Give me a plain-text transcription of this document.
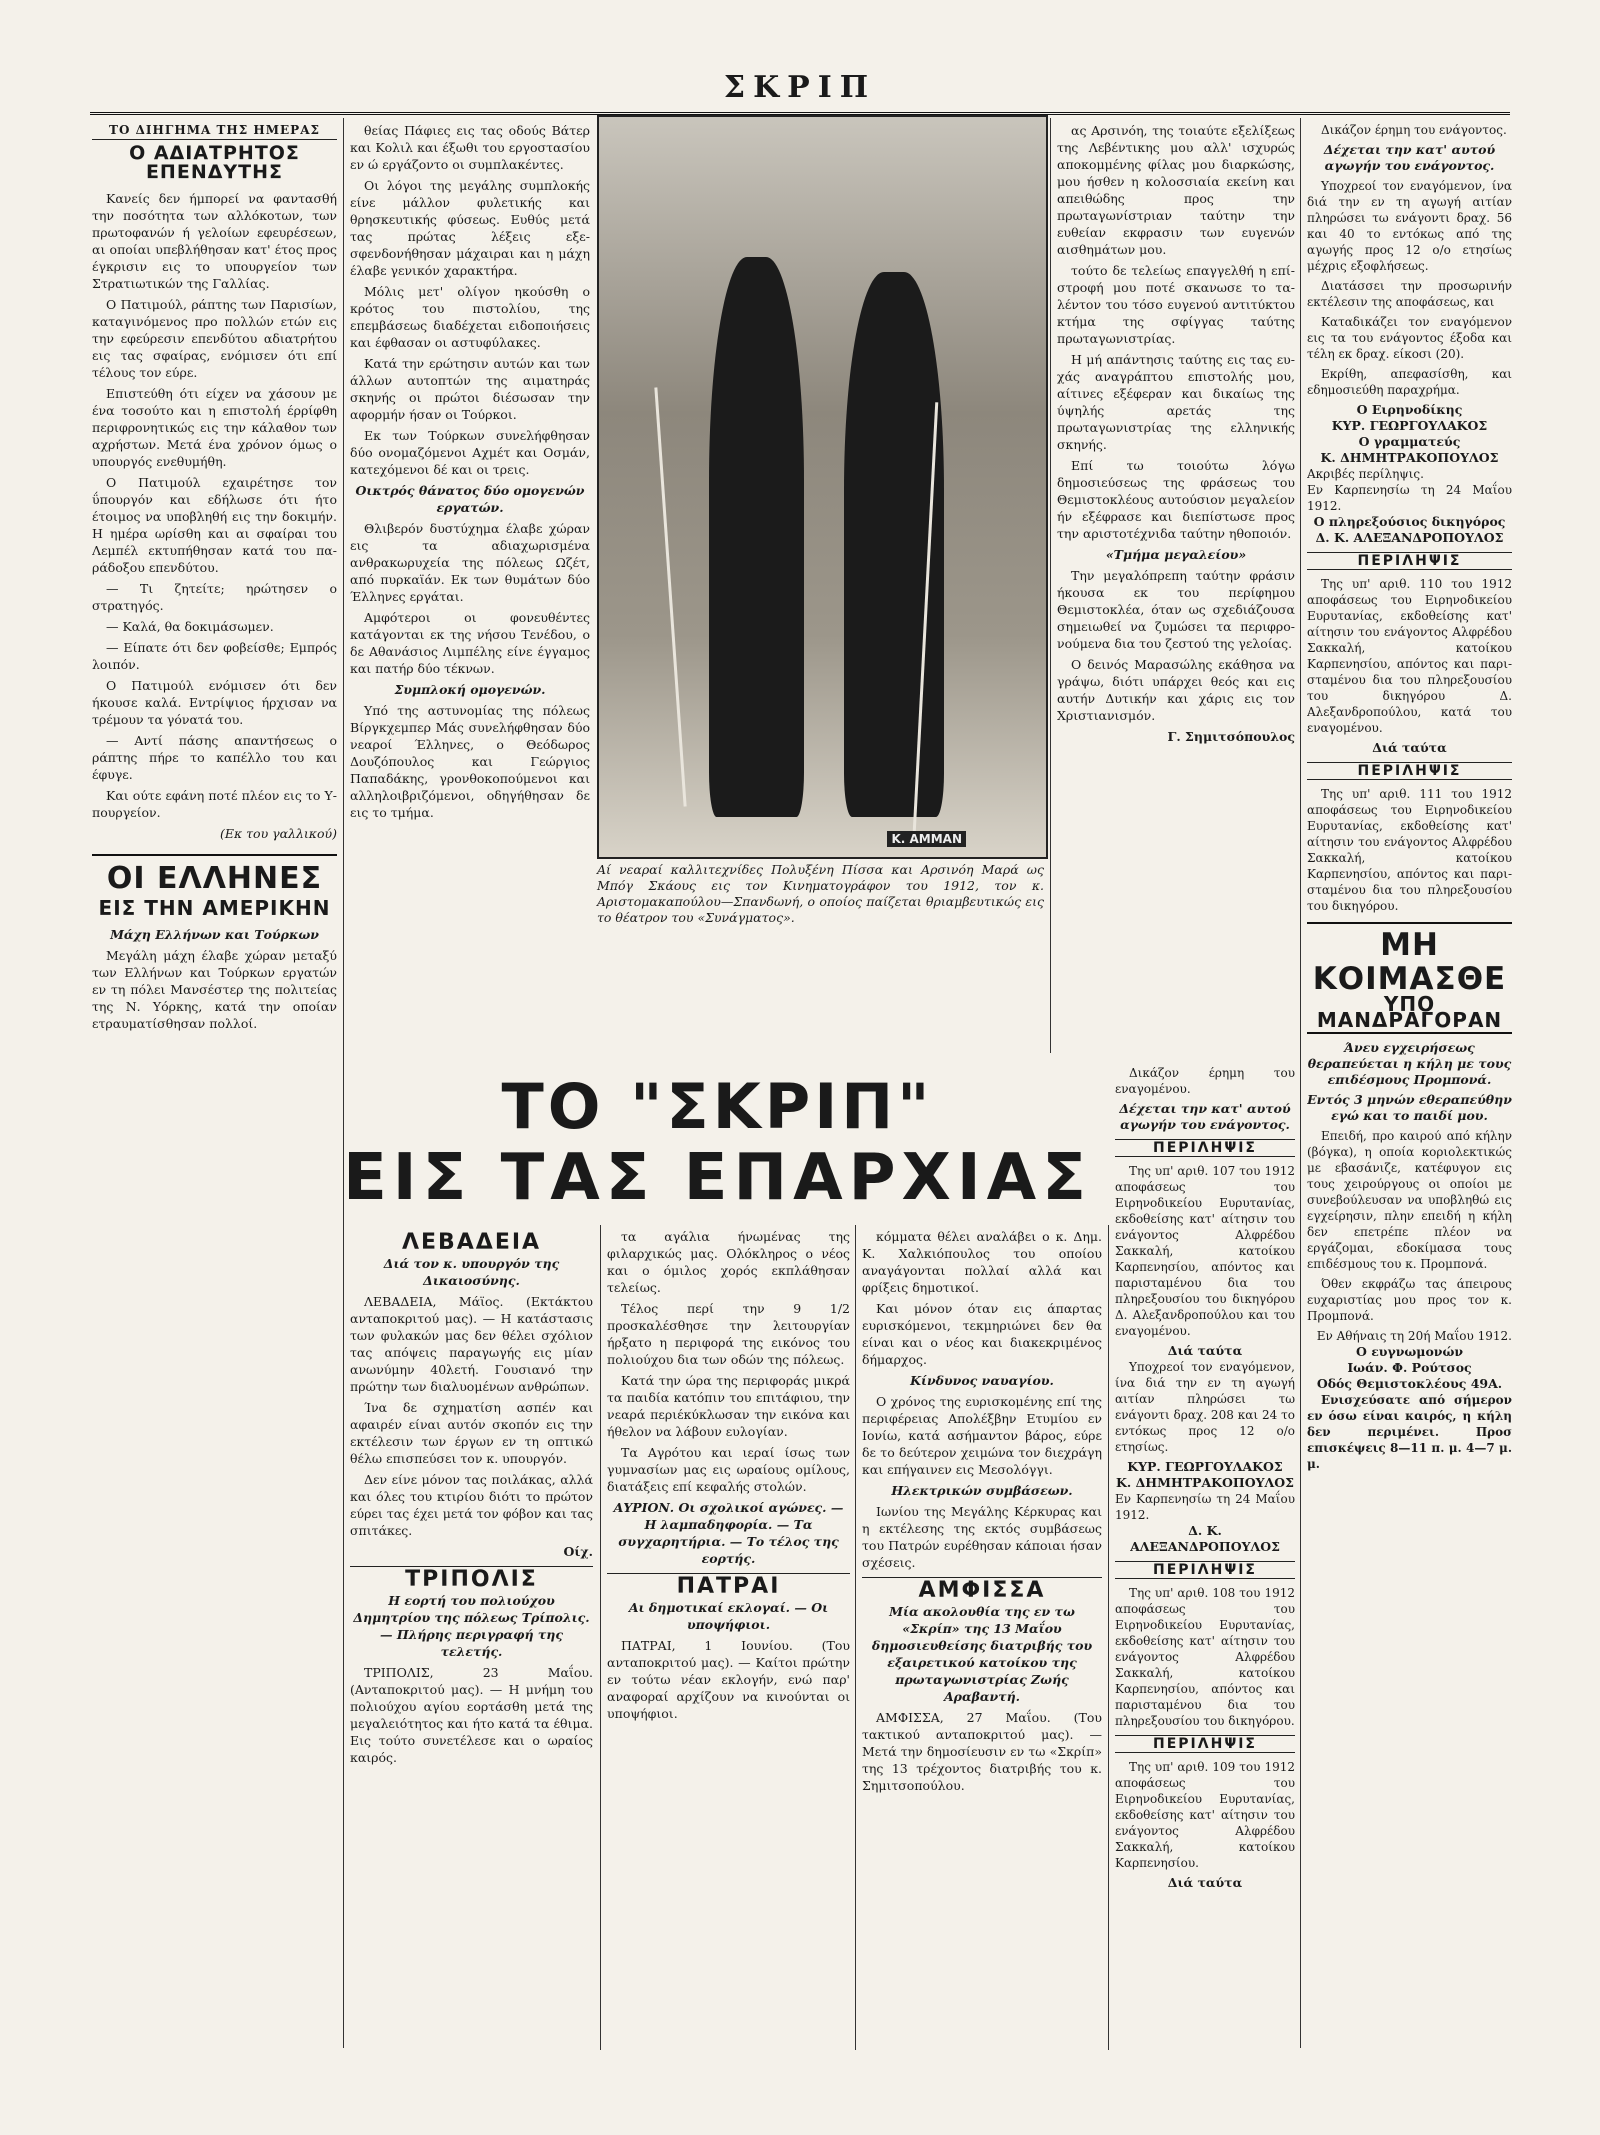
ΣΚΡΙΠ
ΤΟ ΔΙΗΓΗΜΑ ΤΗΣ ΗΜΕΡΑΣ
Ο ΑΔΙΑΤΡΗΤΟΣ ΕΠΕΝΔΥΤΗΣ

Κανείς δεν ήμπορεί να φαντασθή την ποσότητα των αλλόκοτων, των πρωτοφανών ή γελοίων εφευρέσεων, αι οποίαι υπεβλήθησαν κατ' έτος προς έγκρισιν εις το υπουργείον των Στρατιωτικών της Γαλλίας.

Ο Πατιμούλ, ράπτης των Παρισίων, καταγινόμενος προ πολλών ετών εις την εφεύρεσιν επενδύτου αδιατρήτου εις τας σφαίρας, ενόμισεν ότι επί τέλους τον εύρε.

Επιστεύθη ότι είχεν να χάσουν με ένα τοσούτο και η επιστολή έρρίφθη περιφρονητικώς εις την κάλαθον των αχρήστων. Μετά ένα χρόνον όμως ο υπουργός ενεθυμήθη.

Ο Πατιμούλ εχαιρέτησε τον ΰπουργόν και εδήλωσε ότι ήτο έτοιμος να υποβληθή εις την δοκιμήν. Η ημέρα ωρίσθη και αι σφαίραι του Λεμπέλ εκτυπήθησαν κατά του παράδοξου επενδύτου.

— Τι ζητείτε; ηρώτησεν ο στρατηγός.

— Καλά, θα δοκιμάσωμεν.

— Είπατε ότι δεν φοβείσθε; Εμπρός λοιπόν.

Ο Πατιμούλ ενόμισεν ότι δεν ήκουσε καλά. Εντρίψιος ήρχισαν να τρέμουν τα γόνατά του.

— Αντί πάσης απαντήσεως ο ράπτης πήρε το καπέλλο του και έφυγε.

Και ούτε εφάνη ποτέ πλέον εις το Υπουργείον.

(Εκ του γαλλικού)
ΟΙ ΕΛΛΗΝΕΣ
ΕΙΣ ΤΗΝ ΑΜΕΡΙΚΗΝ
Μάχη Ελλήνων και Τούρκων

Μεγάλη μάχη έλαβε χώραν μεταξύ των Ελλήνων και Τούρκων εργατών εν τη πόλει Μανσέστερ της πολιτείας της Ν. Υόρκης, κατά την οποίαν ετραυματίσθησαν πολλοί.

θείας Πάφιες εις τας οδούς Βάτερ και Κολιλ και έξωθι του εργοστασίου εν ώ εργάζοντο οι συμπλακέντες.

Οι λόγοι της μεγάλης συμπλοκής είνε μάλλον φυλετικής και θρησκευτικής φύσεως. Ευθύς μετά τας πρώτας λέξεις εξεσφενδονήθησαν μάχαιραι και η μάχη έλαβε γενικόν χαρακτήρα.

Μόλις μετ' ολίγον ηκούσθη ο κρότος του πιστολίου, της επεμβάσεως διαδέχεται ειδοποιήσεις και έφθασαν οι αστυφύλακες.

Κατά την ερώτησιν αυτών και των άλλων αυτοπτών της αιματηράς σκηνής οι πρώτοι διέσωσαν την αφορμήν ήσαν οι Τούρκοι.

Εκ των Τούρκων συνελήφθησαν δύο ονομαζόμενοι Αχμέτ και Οσμάν, κατεχόμενοι δέ και οι τρεις.

Οικτρός θάνατος δύο ομογενών εργατών.

Θλιβερόν δυστύχημα έλαβε χώραν εις τα αδιαχωρισμένα ανθρακωρυχεία της πόλεως Ωζέτ, από πυρκαϊάν. Εκ των θυμάτων δύο Έλληνες εργάται.

Αμφότεροι οι φονευθέντες κατάγονται εκ της νήσου Τενέδου, ο δε Αθανάσιος Λιμπέλης είνε έγγαμος και πατήρ δύο τέκνων.

Συμπλοκή ομογενών.

Υπό της αστυνομίας της πόλεως Βίργκχεμπερ Μάς συνελήφθησαν δύο νεαροί Έλληνες, ο Θεόδωρος Δουζόπουλος και Γεώργιος Παπαδάκης, γρονθοκοπούμενοι και αλληλοιβριζόμενοι, οδηγήθησαν δε εις το τμήμα.

Κ. ΑΜΜΑΝ
Αί νεαραί καλλιτεχνίδες Πολυξένη Πίσσα και Αρσινόη Μαρά ως Μπόγ Σκάους εις τον Κινηματογράφον του 1912, τον κ. Αριστομακαπούλου—Σπανδωνή, ο οποίος παίζεται θριαμβευτικώς εις το θέατρον του «Συνάγματος».

ας Αρσινόη, της τοιαύτε εξελίξεως της Λεβέντικης μου αλλ' ισχυρώς αποκομμένης φίλας μου διαρκώσης, μου ήσθεν η κολοσσιαία εκείνη και απειθώδης προς την πρωταγωνίστριαν ταύτην την ευθείαν εκφρασιν των ευγενών αισθημάτων μου.

τούτο δε τελείως επαγγελθή η επίστροφή μου ποτέ σκανωσε το ταλέντον του τόσο ευγενού αντιτύκτου κτήμα της σφίγγας ταύτης πρωταγωνιστρίας.

Η μή απάντησις ταύτης εις τας ευχάς αναγράπτου επιστολής μου, αίτινες εξέφεραν και δικαίως της ύψηλής αρετάς της πρωταγωνιστρίας της ελληνικής σκηνής.

Επί τω τοιούτω λόγω δημοσιεύσεως της φράσεως του Θεμιστοκλέους αυτούσιον μεγαλείον ήν εξέφρασε και διεπίστωσε προς την αριστοτέχνιδα ταύτην ηθοποιόν.

«Τμήμα μεγαλείου»

Την μεγαλόπρεπη ταύτην φράσιν ήκουσα εκ του περίφημου Θεμιστοκλέα, όταν ως σχεδιάζουσα σημειωθεί να ζυμώσει τα περιφρονούμενα δια του ζεστού της γελοίας.

Ο δεινός Μαρασώλης εκάθησα να γράψω, διότι υπάρχει θεός και εις αυτήν Δυτικήν και χάρις εις τον Χριστιανισμόν.

Γ. Σημιτσόπουλος

Δικάζον έρημη του ενάγοντος.

Δέχεται την κατ' αυτού αγωγήν του ενάγοντος.

Υποχρεοί τον εναγόμενον, ίνα διά την εν τη αγωγή αιτίαν πληρώσει τω ενάγοντι δραχ. 56 και 40 το εντόκως από της αγωγής προς 12 ο/ο ετησίως μέχρις εξοφλήσεως.

Διατάσσει την προσωρινήν εκτέλεσιν της αποφάσεως, και

Καταδικάζει τον εναγόμενον εις τα του ενάγοντος έξοδα και τέλη εκ δραχ. είκοσι (20).

Εκρίθη, απεφασίσθη, και εδημοσιεύθη παραχρήμα.

Ο Ειρηνοδίκης
ΚΥΡ. ΓΕΩΡΓΟΥΛΑΚΟΣ
Ο γραμματεύς
Κ. ΔΗΜΗΤΡΑΚΟΠΟΥΛΟΣ
Ακριβές περίληψις.
Εν Καρπενησίω τη 24 Μαΐου 1912.
Ο πληρεξούσιος δικηγόρος
Δ. Κ. ΑΛΕΞΑΝΔΡΟΠΟΥΛΟΣ
ΠΕΡΙΛΗΨΙΣ

Της υπ' αριθ. 110 του 1912 αποφάσεως του Ειρηνοδικείου Ευρυτανίας, εκδοθείσης κατ' αίτησιν του ενάγοντος Αλφρέδου Σακκαλή, κατοίκου Καρπενησίου, απόντος και παρισταμένου δια του πληρεξουσίου του δικηγόρου Δ. Αλεξανδροπούλου, κατά του εναγομένου.

Διά ταύτα
ΠΕΡΙΛΗΨΙΣ

Της υπ' αριθ. 111 του 1912 αποφάσεως του Ειρηνοδικείου Ευρυτανίας, εκδοθείσης κατ' αίτησιν του ενάγοντος Αλφρέδου Σακκαλή, κατοίκου Καρπενησίου, απόντος και παρισταμένου δια του πληρεξουσίου του δικηγόρου.

ΜΗ ΚΟΙΜΑΣΘΕ
ΥΠΟ ΜΑΝΔΡΑΓΟΡΑΝ
Άνευ εγχειρήσεως θεραπεύεται η κήλη με τους επιδέσμους Προμπονά.
Εντός 3 μηνών εθεραπεύθην εγώ και το παιδί μου.

Επειδή, προ καιρού από κήλην (βόγκα), η οποία κοριολεκτικώς με εβασάνιζε, κατέφυγον εις τους χειρούργους οι οποίοι με συνεβούλευσαν να υποβληθώ εις εγχείρησιν, πλην επειδή η κήλη δεν επετρέπε πλέον να εργάζομαι, εδοκίμασα τους επιδέσμους του κ. Προμπονά.

Όθεν εκφράζω τας άπειρους ευχαριστίας μου προς τον κ. Προμπονά.

Εν Αθήναις τη 20ή Μαΐου 1912.
Ο ευγνωμονών
Ιωάν. Φ. Ρούτσος
Οδός Θεμιστοκλέους 49Α.

Ενισχεύσατε από σήμερον εν όσω είναι καιρός, η κήλη δεν περιμένει. Προσ επισκέψεις 8—11 π. μ. 4—7 μ. μ.

ΤΟ "ΣΚΡΙΠ"
ΕΙΣ ΤΑΣ ΕΠΑΡΧΙΑΣ
ΛΕΒΑΔΕΙΑ
Διά τον κ. υπουργόν της Δικαιοσύνης.

ΛΕΒΑΔΕΙΑ, Μάϊος. (Εκτάκτου ανταποκριτού μας). — Η κατάστασις των φυλακών μας δεν θέλει σχόλιον τας απόψεις παραγωγής εις μίαν ανωνύμην 40λετή. Γουσιανό την πρώτην των διαλυομένων ανθρώπων.

Ίνα δε σχηματίση ασπέν και αφαιρέν είναι αυτόν σκοπόν εις την εκτέλεσιν των έργων εν τη οπτικώ θέλω επισπεύσει τον κ. υπουργόν.

Δεν είνε μόνον τας ποιλάκας, αλλά και όλες του κτιρίου διότι το πρώτον εύρει τας έχει μετά τον φόβον και τας σπιτάκες.

Οίχ.
ΤΡΙΠΟΛΙΣ
Η εορτή του πολιούχου Δημητρίου της πόλεως Τρίπολις. — Πλήρης περιγραφή της τελετής.

ΤΡΙΠΟΛΙΣ, 23 Μαΐου. (Ανταποκριτού μας). — Η μνήμη του πολιούχου αγίου εορτάσθη μετά της μεγαλειότητος και ήτο κατά τα έθιμα. Εις τούτο συνετέλεσε και ο ωραίος καιρός.

τα αγάλια ήνωμένας της φιλαρχικώς μας. Ολόκληρος ο νέος και ο όμιλος χορός εκπλάθησαν τελείως.

Τέλος περί την 9 1/2 προσκαλέσθησε την λειτουργίαν ήρξατο η περιφορά της εικόνος του πολιούχου δια των οδών της πόλεως.

Κατά την ώρα της περιφοράς μικρά τα παιδία κατόπιν του επιτάφιου, την νεαρά περιέκύκλωσαν την εικόνα και ήθελον να λάβουν ευλογίαν.

Τα Αγρότου και ιεραί ίσως των γυμνασίων μας εις ωραίους ομίλους, διατάξεις επί κεφαλής στολών.

ΑΥΡΙΟΝ. Οι σχολικοί αγώνες. — Η λαμπαδηφορία. — Τα συγχαρητήρια. — Το τέλος της εορτής.
ΠΑΤΡΑΙ
Αι δημοτικαί εκλογαί. — Οι υποψήφιοι.

ΠΑΤΡΑΙ, 1 Ιουνίου. (Του ανταποκριτού μας). — Καίτοι πρώτην εν τούτω νέαν εκλογήν, ενώ παρ' αναφοραί αρχίζουν να κινούνται οι υποψήφιοι.

κόμματα θέλει αναλάβει ο κ. Δημ. Κ. Χαλκιόπουλος του οποίου αναγάγονται πολλαί αλλά και φρίξεις δημοτικοί.

Και μόνον όταν εις άπαρτας ευρισκόμενοι, τεκμηριώνει δεν θα είναι και ο νέος και διακεκριμένος δήμαρχος.

Κίνδυνος ναυαγίου.

Ο χρόνος της ευρισκομένης επί της περιφέρειας Απολέξβην Ετυμίου εν Ιονίω, κατά ασήμαντον βάρος, εύρε δε το δεύτερον χειμώνα τον διεχράγη και επήγαινεν εις Μεσολόγγι.

Ηλεκτρικών συμβάσεων.

Ιωνίου της Μεγάλης Κέρκυρας και η εκτέλεσης της εκτός συμβάσεως του Πατρών ευρέθησαν κάποιαι ήσαν σχέσεις.

ΑΜΦΙΣΣΑ
Μία ακολουθία της εν τω «Σκρίπ» της 13 Μαΐου δημοσιευθείσης διατριβής του εξαιρετικού κατοίκου της πρωταγωνιστρίας Ζωής Αραβαντή.

ΑΜΦΙΣΣΑ, 27 Μαΐου. (Του τακτικού ανταποκριτού μας). — Μετά την δημοσίευσιν εν τω «Σκρίπ» της 13 τρέχοντος διατριβής του κ. Σημιτσοπούλου.

Δικάζον έρημη του εναγομένου.

Δέχεται την κατ' αυτού αγωγήν του ενάγοντος.
ΠΕΡΙΛΗΨΙΣ

Της υπ' αριθ. 107 του 1912 αποφάσεως του Ειρηνοδικείου Ευρυτανίας, εκδοθείσης κατ' αίτησιν του ενάγοντος Αλφρέδου Σακκαλή, κατοίκου Καρπενησίου, απόντος και παρισταμένου δια του πληρεξουσίου του δικηγόρου Δ. Αλεξανδροπούλου και του εναγομένου.

Διά ταύτα

Υποχρεοί τον εναγόμενον, ίνα διά την εν τη αγωγή αιτίαν πληρώσει τω ενάγοντι δραχ. 208 και 24 το εντόκως προς 12 ο/ο ετησίως.

ΚΥΡ. ΓΕΩΡΓΟΥΛΑΚΟΣ
Κ. ΔΗΜΗΤΡΑΚΟΠΟΥΛΟΣ
Εν Καρπενησίω τη 24 Μαΐου 1912.
Δ. Κ. ΑΛΕΞΑΝΔΡΟΠΟΥΛΟΣ
ΠΕΡΙΛΗΨΙΣ

Της υπ' αριθ. 108 του 1912 αποφάσεως του Ειρηνοδικείου Ευρυτανίας, εκδοθείσης κατ' αίτησιν του ενάγοντος Αλφρέδου Σακκαλή, κατοίκου Καρπενησίου, απόντος και παρισταμένου δια του πληρεξουσίου του δικηγόρου.

ΠΕΡΙΛΗΨΙΣ

Της υπ' αριθ. 109 του 1912 αποφάσεως του Ειρηνοδικείου Ευρυτανίας, εκδοθείσης κατ' αίτησιν του ενάγοντος Αλφρέδου Σακκαλή, κατοίκου Καρπενησίου.

Διά ταύτα
